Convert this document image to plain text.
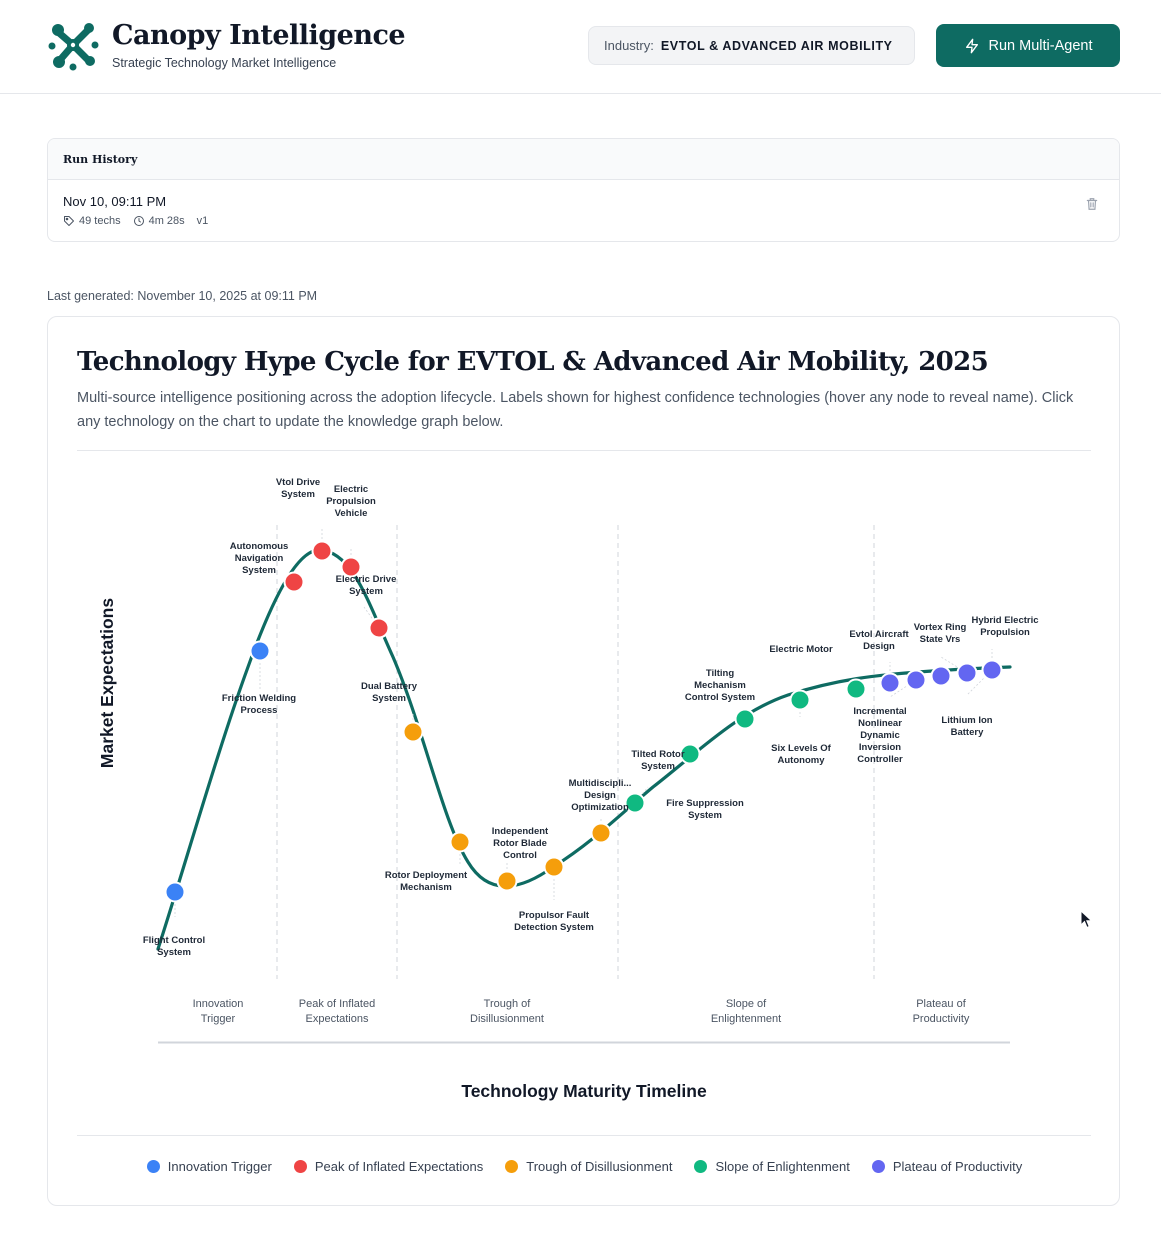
Canopy Intelligence
Strategic Technology Market Intelligence
Industry: EVTOL & ADVANCED AIR MOBILITY	Run Multi-Agent
Run History
Nov 10, 09:11 PM
49 techs	4m 28s v1
Last generated: November 10, 2025 at 09:11 PM
Technology Hype Cycle for EVTOL & Advanced Air Mobility, 2025
Multi-source intelligence positioning across the adoption lifecycle. Labels shown for highest confidence technologies (hover any node to reveal name). Click any technology on the chart to update the knowledge graph below.
Flight Control
System
Friction Welding
Process
Autonomous
Navigation
System
Vtol Drive
System Electric
Propulsion
Vehicle
Electric Drive
System
Dual Battery
System
Rotor Deployment
Mechanism
Independent
Rotor Blade
Control
Propulsor Fault
Detection System
Multidiscipli...
Design
Optimization	Fire Suppression
System
Tilted Rotor
System
Tilting
Mechanism
Control System
Six Levels Of
Autonomy
Electric Motor
Evtol Aircraft
Design
Incremental
Nonlinear
Dynamic
Inversion
Controller
Vortex Ring
State Vrs
Lithium Ion
Battery
Hybrid Electric
Propulsion
Innovation
Trigger
Peak of Inflated
Expectations
Trough of
Disillusionment
Slope of
Enlightenment
Plateau of
Productivity
Technology Maturity Timeline
Market Expectations
Innovation Trigger	Peak of Inflated Expectations	Trough of Disillusionment	Slope of Enlightenment	Plateau of Productivity
